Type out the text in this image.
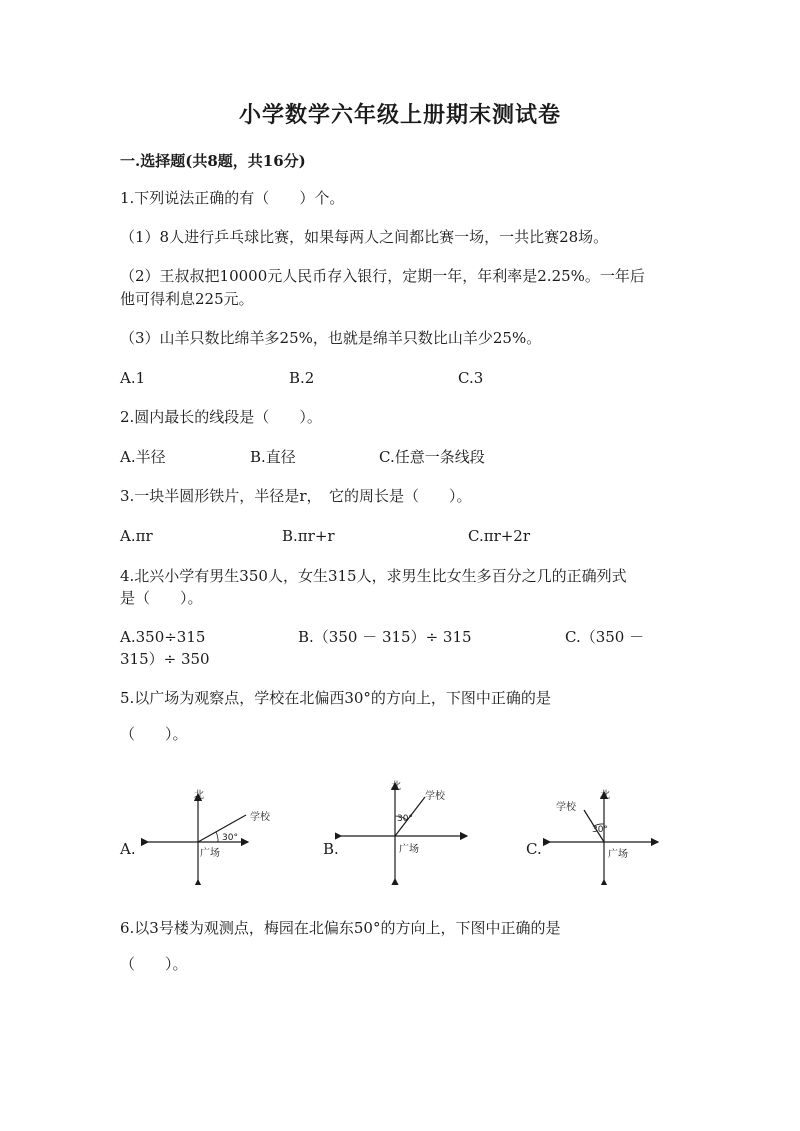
小学数学六年级上册期末测试卷
一.选择题(共8题，共16分)
1.下列说法正确的有（　　）个。
（1）8人进行乒乓球比赛，如果每两人之间都比赛一场，一共比赛28场。
（2）王叔叔把10000元人民币存入银行，定期一年，年利率是2.25%。一年后
他可得利息225元。
（3）山羊只数比绵羊多25%，也就是绵羊只数比山羊少25%。
A.1	B.2	C.3
2.圆内最长的线段是（　　）。
A.半径	B.直径	C.任意一条线段
3.一块半圆形铁片，半径是r，　它的周长是（　　）。
A.πr	B.πr+r	C.πr+2r
4.北兴小学有男生350人，女生315人，求男生比女生多百分之几的正确列式
是（　　）。
A.350÷315	B.（350 － 315）÷ 315	C.（350 －
315）÷ 350
5.以广场为观察点，学校在北偏西30°的方向上，下图中正确的是
（　　）。
A.
北
学校
30°
广场	B.
北
学校
30°
广场	C.
北
学校
30°
广场
6.以3号楼为观测点，梅园在北偏东50°的方向上，下图中正确的是
（　　）。
